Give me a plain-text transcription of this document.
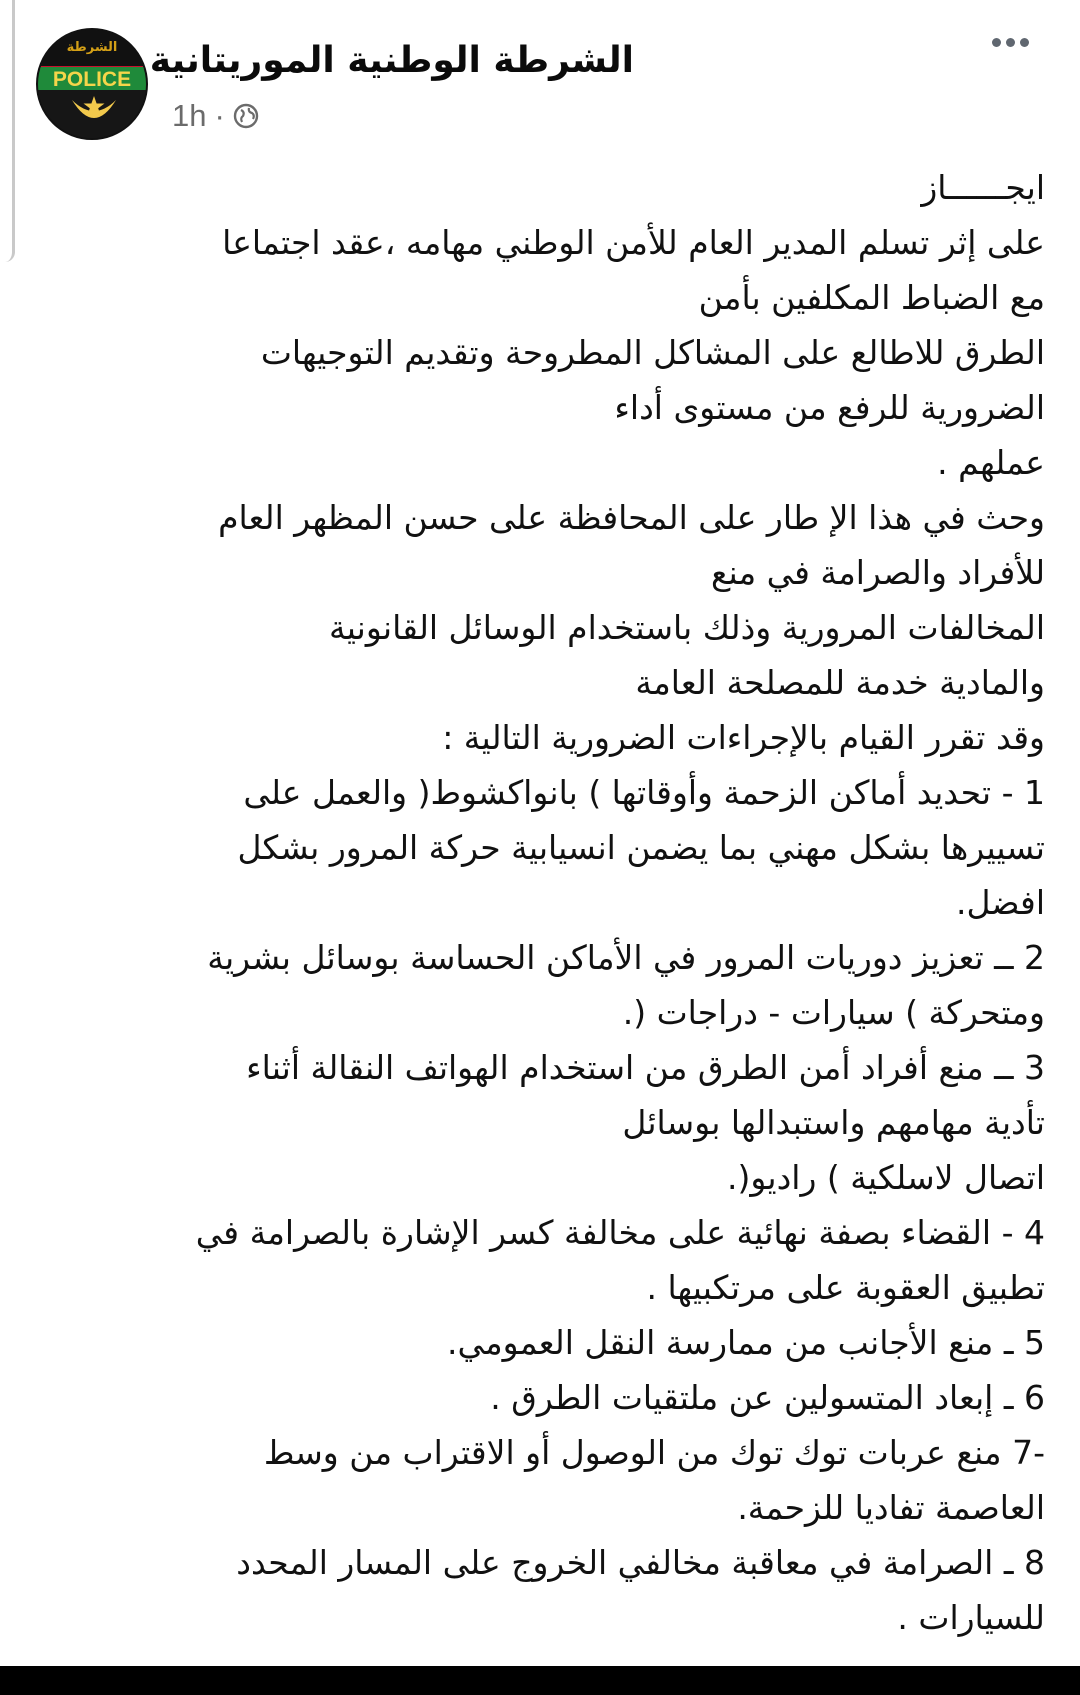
الشرطة
POLICE الشرطة الوطنية الموريتانية
1h ·
ايجــــــاز
على إثر تسلم المدير العام للأمن الوطني مهامه ،عقد اجتماعا
مع الضباط المكلفين بأمن
الطرق للاطالع على المشاكل المطروحة وتقديم التوجيهات
الضرورية للرفع من مستوى أداء
عملهم .
وحث في هذا الإ طار على المحافظة على حسن المظهر العام
للأفراد والصرامة في منع
المخالفات المرورية وذلك باستخدام الوسائل القانونية
والمادية خدمة للمصلحة العامة
وقد تقرر القيام بالإجراءات الضرورية التالية :
1 - تحديد أماكن الزحمة وأوقاتها ) بانواكشوط( والعمل على
تسييرها بشكل مهني بما يضمن انسيابية حركة المرور بشكل
افضل.
2 ــ تعزيز دوريات المرور في الأماكن الحساسة بوسائل بشرية
ومتحركة ) سيارات - دراجات (.
3 ــ منع أفراد أمن الطرق من استخدام الهواتف النقالة أثناء
تأدية مهامهم واستبدالها بوسائل
اتصال لاسلكية ) راديو(.
4 - القضاء بصفة نهائية على مخالفة كسر الإشارة بالصرامة في
تطبيق العقوبة على مرتكبيها .
5 ـ منع الأجانب من ممارسة النقل العمومي.
6 ـ إبعاد المتسولين عن ملتقيات الطرق .
-7 منع عربات توك توك من الوصول أو الاقتراب من وسط
العاصمة تفاديا للزحمة.
8 ـ الصرامة في معاقبة مخالفي الخروج على المسار المحدد
للسيارات .
